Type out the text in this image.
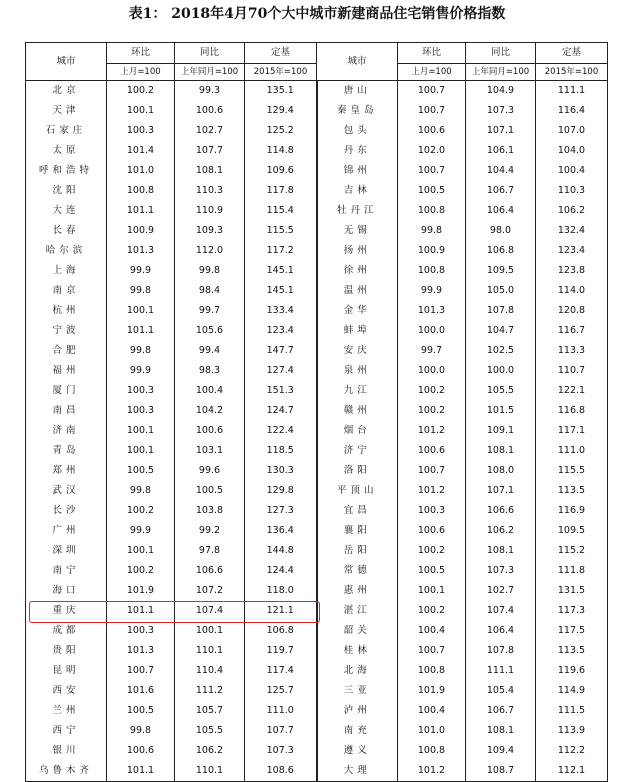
表1： 2018年4月70个大中城市新建商品住宅销售价格指数
城市	环比	同比	定基	城市	环比	同比	定基
	上月=100	上年同月=100	2015年=100		上月=100	上年同月=100	2015年=100
北京	100.2	99.3	135.1	唐山	100.7	104.9	111.1
天津	100.1	100.6	129.4	秦皇岛	100.7	107.3	116.4
石家庄	100.3	102.7	125.2	包头	100.6	107.1	107.0
太原	101.4	107.7	114.8	丹东	102.0	106.1	104.0
呼和浩特	101.0	108.1	109.6	锦州	100.7	104.4	100.4
沈阳	100.8	110.3	117.8	吉林	100.5	106.7	110.3
大连	101.1	110.9	115.4	牡丹江	100.8	106.4	106.2
长春	100.9	109.3	115.5	无锡	99.8	98.0	132.4
哈尔滨	101.3	112.0	117.2	扬州	100.9	106.8	123.4
上海	99.9	99.8	145.1	徐州	100.8	109.5	123.8
南京	99.8	98.4	145.1	温州	99.9	105.0	114.0
杭州	100.1	99.7	133.4	金华	101.3	107.8	120.8
宁波	101.1	105.6	123.4	蚌埠	100.0	104.7	116.7
合肥	99.8	99.4	147.7	安庆	99.7	102.5	113.3
福州	99.9	98.3	127.4	泉州	100.0	100.0	110.7
厦门	100.3	100.4	151.3	九江	100.2	105.5	122.1
南昌	100.3	104.2	124.7	赣州	100.2	101.5	116.8
济南	100.1	100.6	122.4	烟台	101.2	109.1	117.1
青岛	100.1	103.1	118.5	济宁	100.6	108.1	111.0
郑州	100.5	99.6	130.3	洛阳	100.7	108.0	115.5
武汉	99.8	100.5	129.8	平顶山	101.2	107.1	113.5
长沙	100.2	103.8	127.3	宜昌	100.3	106.6	116.9
广州	99.9	99.2	136.4	襄阳	100.6	106.2	109.5
深圳	100.1	97.8	144.8	岳阳	100.2	108.1	115.2
南宁	100.2	106.6	124.4	常德	100.5	107.3	111.8
海口	101.9	107.2	118.0	惠州	100.1	102.7	131.5
重庆	101.1	107.4	121.1	湛江	100.2	107.4	117.3
成都	100.3	100.1	106.8	韶关	100.4	106.4	117.5
贵阳	101.3	110.1	119.7	桂林	100.7	107.8	113.5
昆明	100.7	110.4	117.4	北海	100.8	111.1	119.6
西安	101.6	111.2	125.7	三亚	101.9	105.4	114.9
兰州	100.5	105.7	111.0	泸州	100.4	106.7	111.5
西宁	99.8	105.5	107.7	南充	101.0	108.1	113.9
银川	100.6	106.2	107.3	遵义	100.8	109.4	112.2
乌鲁木齐	101.1	110.1	108.6	大理	101.2	108.7	112.1
